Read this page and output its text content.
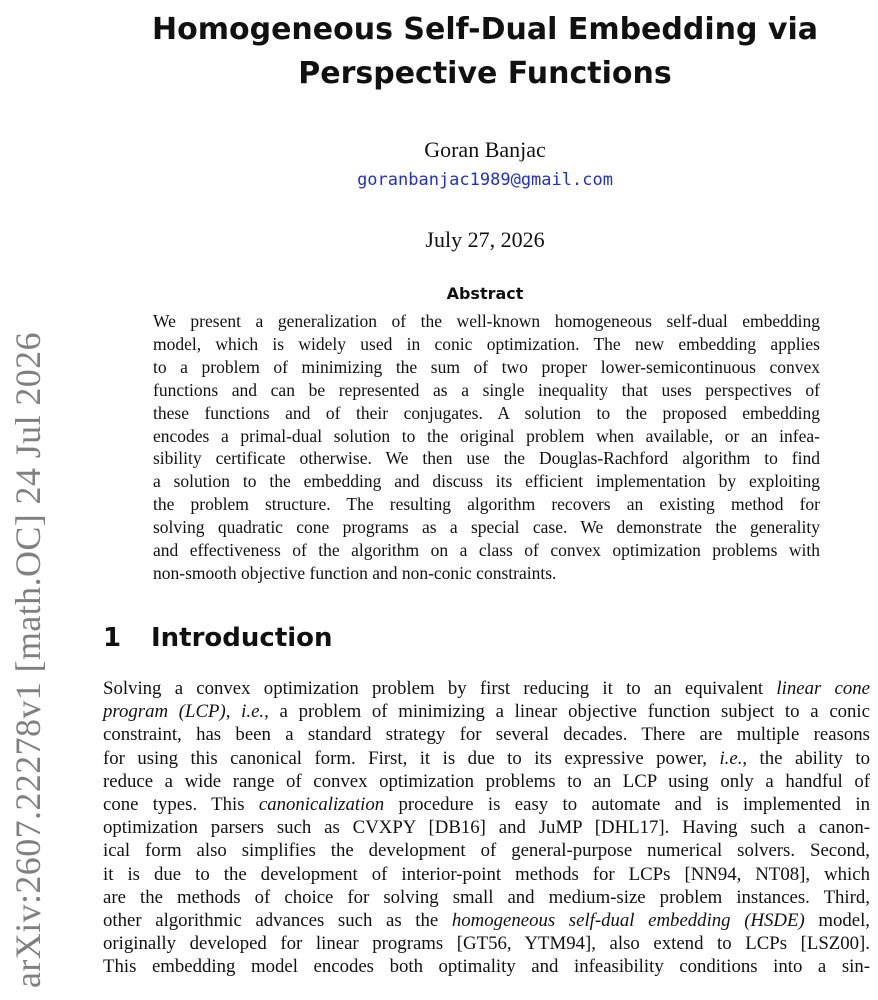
arXiv:2607.22278v1 [math.OC] 24 Jul 2026
Homogeneous Self-Dual Embedding via
Perspective Functions
Goran Banjac
goranbanjac1989@gmail.com
July 27, 2026
Abstract
We present a generalization of the well-known homogeneous self-dual embedding
model, which is widely used in conic optimization. The new embedding applies
to a problem of minimizing the sum of two proper lower-semicontinuous convex
functions and can be represented as a single inequality that uses perspectives of
these functions and of their conjugates. A solution to the proposed embedding
encodes a primal-dual solution to the original problem when available, or an infea-
sibility certificate otherwise. We then use the Douglas-Rachford algorithm to find
a solution to the embedding and discuss its efficient implementation by exploiting
the problem structure. The resulting algorithm recovers an existing method for
solving quadratic cone programs as a special case. We demonstrate the generality
and effectiveness of the algorithm on a class of convex optimization problems with
non-smooth objective function and non-conic constraints.
1 Introduction
Solving a convex optimization problem by first reducing it to an equivalent linear cone
program (LCP), i.e., a problem of minimizing a linear objective function subject to a conic
constraint, has been a standard strategy for several decades. There are multiple reasons
for using this canonical form. First, it is due to its expressive power, i.e., the ability to
reduce a wide range of convex optimization problems to an LCP using only a handful of
cone types. This canonicalization procedure is easy to automate and is implemented in
optimization parsers such as CVXPY [DB16] and JuMP [DHL17]. Having such a canon-
ical form also simplifies the development of general-purpose numerical solvers. Second,
it is due to the development of interior-point methods for LCPs [NN94, NT08], which
are the methods of choice for solving small and medium-size problem instances. Third,
other algorithmic advances such as the homogeneous self-dual embedding (HSDE) model,
originally developed for linear programs [GT56, YTM94], also extend to LCPs [LSZ00].
This embedding model encodes both optimality and infeasibility conditions into a sin-
